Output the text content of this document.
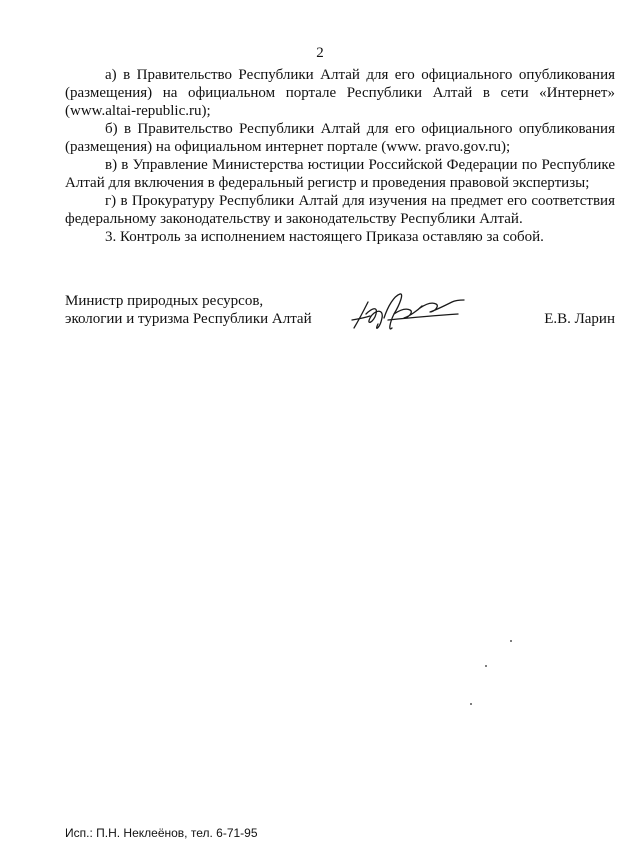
2

а) в Правительство Республики Алтай для его официального опубликования (размещения) на официальном портале Республики Алтай в сети «Интернет» (www.altai-republic.ru);

б) в Правительство Республики Алтай для его официального опубликования (размещения) на официальном интернет портале (www. pravo.gov.ru);

в) в Управление Министерства юстиции Российской Федерации по Республике Алтай для включения в федеральный регистр и проведения правовой экспертизы;

г) в Прокуратуру Республики Алтай для изучения на предмет его соответствия федеральному законодательству и законодательству Республики Алтай.

3. Контроль за исполнением настоящего Приказа оставляю за собой.

Министр природных ресурсов,
экологии и туризма Республики Алтай	Е.В. Ларин
Исп.: П.Н. Неклеёнов, тел. 6-71-95
